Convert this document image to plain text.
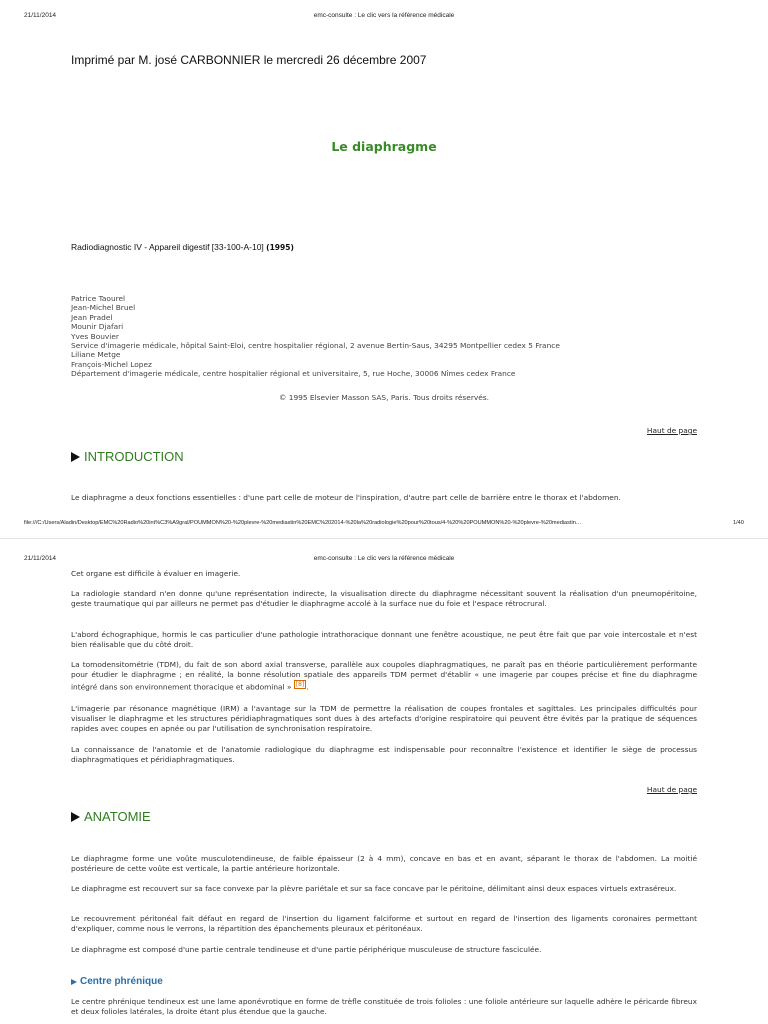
21/11/2014	emc-consulte : Le clic vers la référence médicale
Imprimé par M. josé CARBONNIER le mercredi 26 décembre 2007
Le diaphragme
Radiodiagnostic IV - Appareil digestif [33-100-A-10] (1995)
Patrice Taourel
Jean-Michel Bruel
Jean Pradel
Mounir Djafari
Yves Bouvier
Service d'imagerie médicale, hôpital Saint-Eloi, centre hospitalier régional, 2 avenue Bertin-Saus, 34295 Montpellier cedex 5 France
Liliane Metge
François-Michel Lopez
Département d'imagerie médicale, centre hospitalier régional et universitaire, 5, rue Hoche, 30006 Nîmes cedex France
© 1995 Elsevier Masson SAS, Paris. Tous droits réservés.
Haut de page
INTRODUCTION
Le diaphragme a deux fonctions essentielles : d'une part celle de moteur de l'inspiration, d'autre part celle de barrière entre le thorax et l'abdomen.
file:///C:/Users/Aladin/Desktop/EMC%20Radio%20int%C3%A9gral/POUMMON%20-%20plevre-%20mediastin%20EMC%202014-%20la%20radiologie%20pour%20tous/4-%20%20POUMMON%20-%20plevre-%20mediastin…	1/40
21/11/2014	emc-consulte : Le clic vers la référence médicale
Cet organe est difficile à évaluer en imagerie.
La radiologie standard n'en donne qu'une représentation indirecte, la visualisation directe du diaphragme nécessitant souvent la réalisation d'un pneumopéritoine, geste traumatique qui par ailleurs ne permet pas d'étudier le diaphragme accolé à la surface nue du foie et l'espace rétrocrural.
L'abord échographique, hormis le cas particulier d'une pathologie intrathoracique donnant une fenêtre acoustique, ne peut être fait que par voie intercostale et n'est bien réalisable que du côté droit.
La tomodensitométrie (TDM), du fait de son abord axial transverse, parallèle aux coupoles diaphragmatiques, ne paraît pas en théorie particulièrement performante pour étudier le diaphragme ; en réalité, la bonne résolution spatiale des appareils TDM permet d'établir « une imagerie par coupes précise et fine du diaphragme intégré dans son environnement thoracique et abdominal » [8] .
L'imagerie par résonance magnétique (IRM) a l'avantage sur la TDM de permettre la réalisation de coupes frontales et sagittales. Les principales difficultés pour visualiser le diaphragme et les structures péridiaphragmatiques sont dues à des artefacts d'origine respiratoire qui peuvent être évités par la pratique de séquences rapides avec coupes en apnée ou par l'utilisation de synchronisation respiratoire.
La connaissance de l'anatomie et de l'anatomie radiologique du diaphragme est indispensable pour reconnaître l'existence et identifier le siège de processus diaphragmatiques et péridiaphragmatiques.
Haut de page
ANATOMIE
Le diaphragme forme une voûte musculotendineuse, de faible épaisseur (2 à 4 mm), concave en bas et en avant, séparant le thorax de l'abdomen. La moitié postérieure de cette voûte est verticale, la partie antérieure horizontale.
Le diaphragme est recouvert sur sa face convexe par la plèvre pariétale et sur sa face concave par le péritoine, délimitant ainsi deux espaces virtuels extraséreux.
Le recouvrement péritonéal fait défaut en regard de l'insertion du ligament falciforme et surtout en regard de l'insertion des ligaments coronaires permettant d'expliquer, comme nous le verrons, la répartition des épanchements pleuraux et péritonéaux.
Le diaphragme est composé d'une partie centrale tendineuse et d'une partie périphérique musculeuse de structure fasciculée.
Centre phrénique
Le centre phrénique tendineux est une lame aponévrotique en forme de trèfle constituée de trois folioles : une foliole antérieure sur laquelle adhère le péricarde fibreux et deux folioles latérales, la droite étant plus étendue que la gauche.
